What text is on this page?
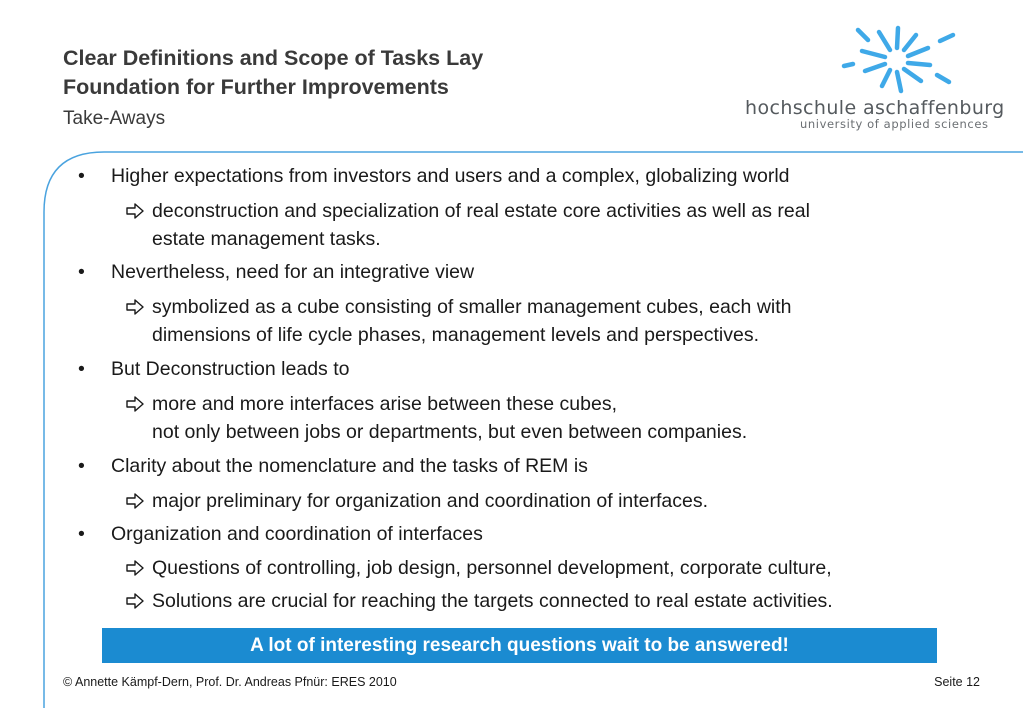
Clear Definitions and Scope of Tasks Lay
Foundation for Further Improvements
Take-Aways	hochschule aschaffenburg
university of applied sciences
• Higher expectations from investors and users and a complex, globalizing world
deconstruction and specialization of real estate core activities as well as real
estate management tasks.
• Nevertheless, need for an integrative view
symbolized as a cube consisting of smaller management cubes, each with
dimensions of life cycle phases, management levels and perspectives.
• But Deconstruction leads to
more and more interfaces arise between these cubes,
not only between jobs or departments, but even between companies.
• Clarity about the nomenclature and the tasks of REM is
major preliminary for organization and coordination of interfaces.
• Organization and coordination of interfaces
Questions of controlling, job design, personnel development, corporate culture,
Solutions are crucial for reaching the targets connected to real estate activities.
A lot of interesting research questions wait to be answered!
© Annette Kämpf-Dern, Prof. Dr. Andreas Pfnür: ERES 2010	Seite 12
